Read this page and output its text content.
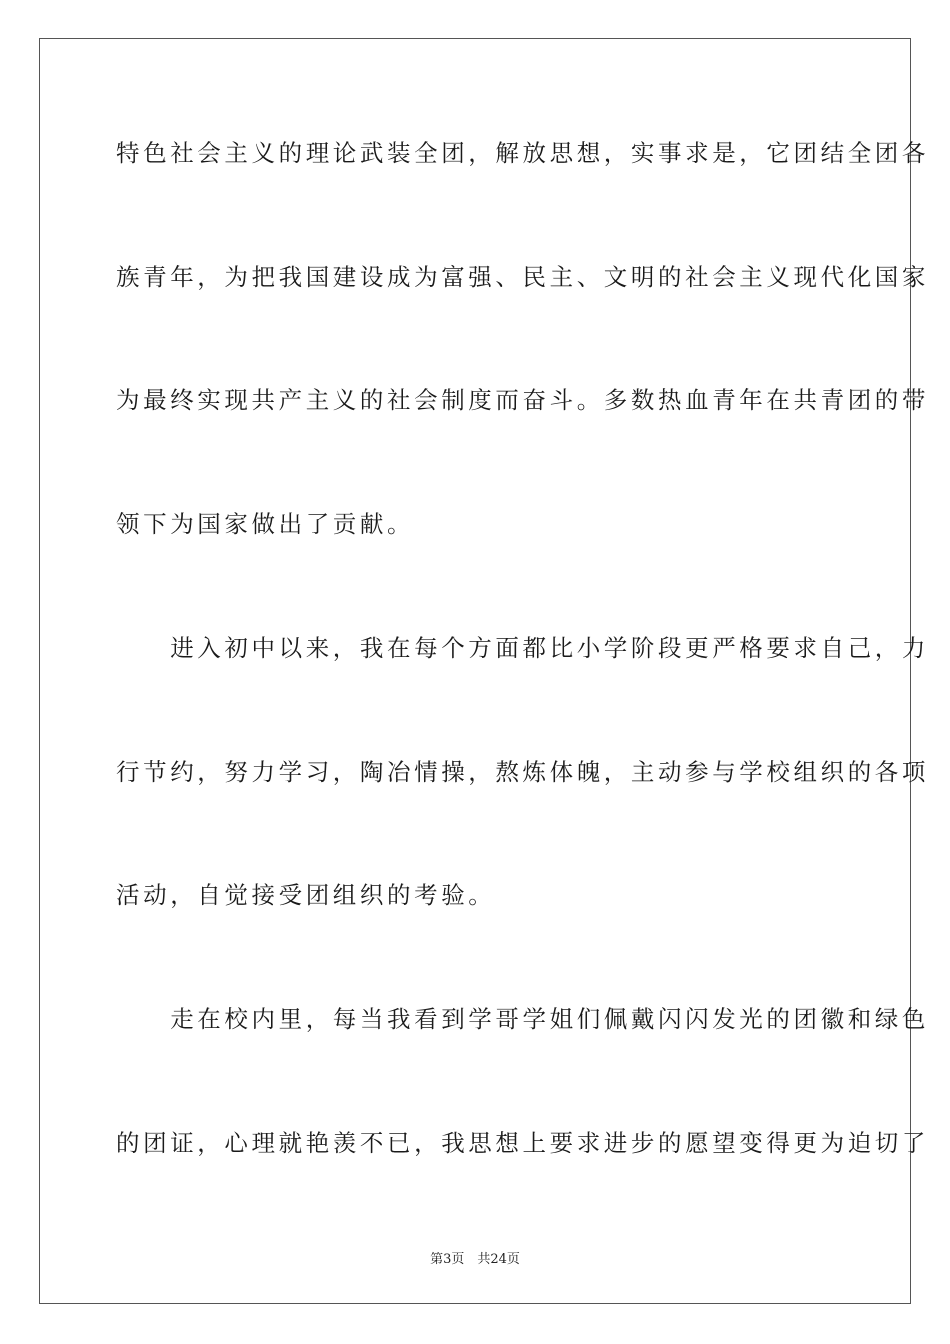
特色社会主义的理论武装全团，解放思想，实事求是，它团结全团各
族青年，为把我国建设成为富强、民主、文明的社会主义现代化国家
为最终实现共产主义的社会制度而奋斗。多数热血青年在共青团的带
领下为国家做出了贡献。
　　进入初中以来，我在每个方面都比小学阶段更严格要求自己，力
行节约，努力学习，陶冶情操，熬炼体魄，主动参与学校组织的各项
活动，自觉接受团组织的考验。
　　走在校内里，每当我看到学哥学姐们佩戴闪闪发光的团徽和绿色
的团证，心理就艳羡不已，我思想上要求进步的愿望变得更为迫切了
第3页　共24页
